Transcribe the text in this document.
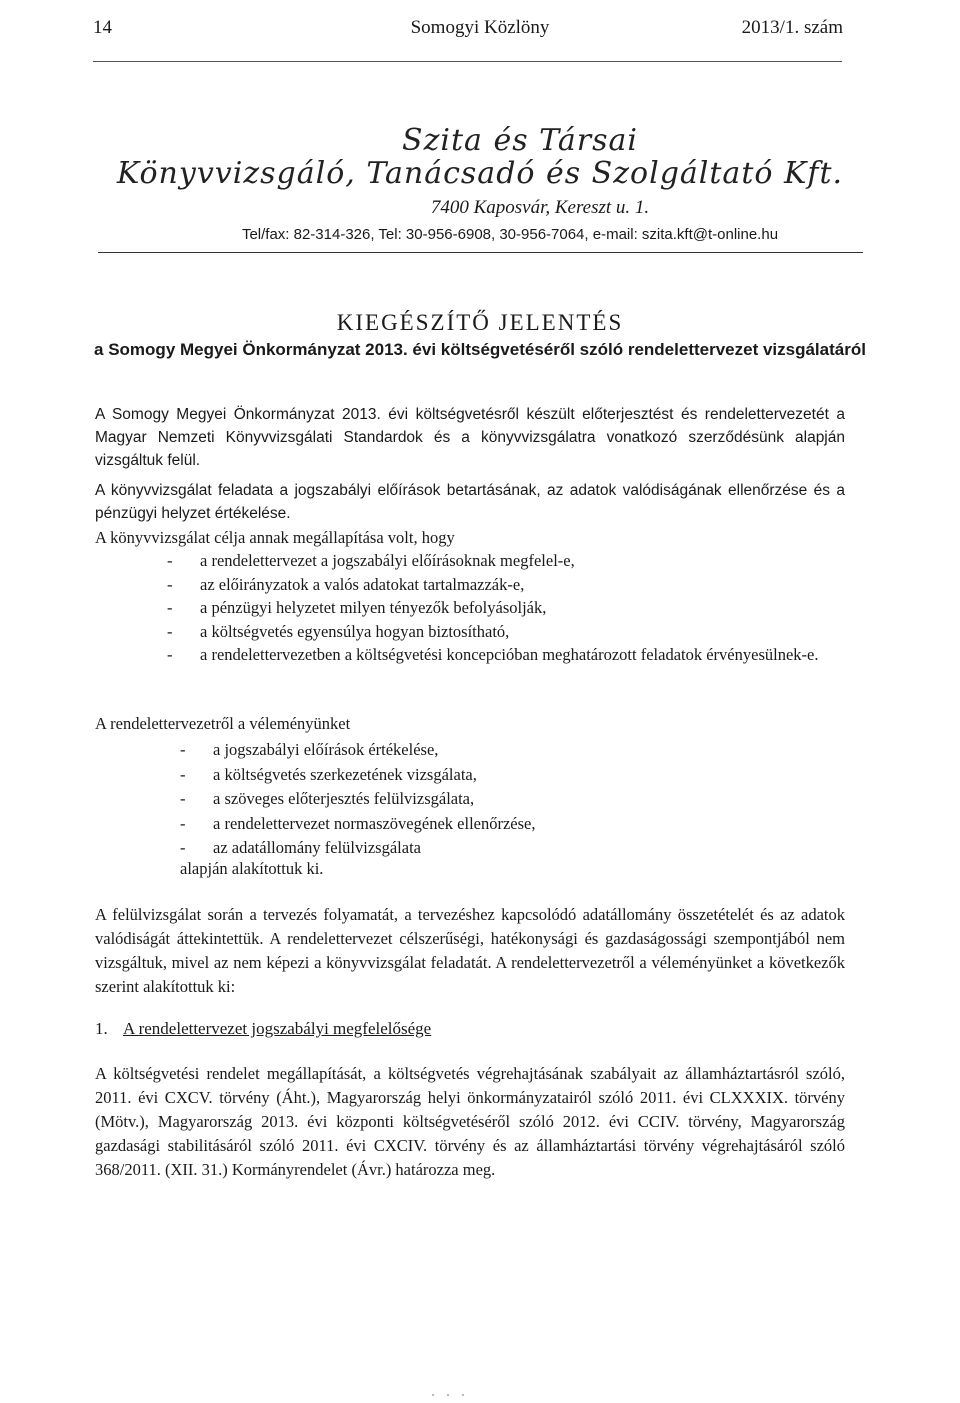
14	Somogyi Közlöny	2013/1. szám
Szita és Társai
Könyvvizsgáló, Tanácsadó és Szolgáltató Kft.
7400 Kaposvár, Kereszt u. 1.
Tel/fax: 82-314-326, Tel: 30-956-6908, 30-956-7064, e-mail: szita.kft@t-online.hu
KIEGÉSZÍTŐ JELENTÉS
a Somogy Megyei Önkormányzat 2013. évi költségvetéséről szóló rendelettervezet vizsgálatáról
A Somogy Megyei Önkormányzat 2013. évi költségvetésről készült előterjesztést és rendelettervezetét a Magyar Nemzeti Könyvvizsgálati Standardok és a könyvvizsgálatra vonatkozó szerződésünk alapján vizsgáltuk felül.
A könyvvizsgálat feladata a jogszabályi előírások betartásának, az adatok valódiságának ellenőrzése és a pénzügyi helyzet értékelése.
A könyvvizsgálat célja annak megállapítása volt, hogy
- a rendelettervezet a jogszabályi előírásoknak megfelel-e,
- az előirányzatok a valós adatokat tartalmazzák-e,
- a pénzügyi helyzetet milyen tényezők befolyásolják,
- a költségvetés egyensúlya hogyan biztosítható,
- a rendelettervezetben a költségvetési koncepcióban meghatározott feladatok érvényesülnek-e.
A rendelettervezetről a véleményünket
- a jogszabályi előírások értékelése,
- a költségvetés szerkezetének vizsgálata,
- a szöveges előterjesztés felülvizsgálata,
- a rendelettervezet normaszövegének ellenőrzése,
- az adatállomány felülvizsgálata
alapján alakítottuk ki.
A felülvizsgálat során a tervezés folyamatát, a tervezéshez kapcsolódó adatállomány összetételét és az adatok valódiságát áttekintettük. A rendelettervezet célszerűségi, hatékonysági és gazdaságossági szempontjából nem vizsgáltuk, mivel az nem képezi a könyvvizsgálat feladatát. A rendelettervezetről a véleményünket a következők szerint alakítottuk ki:
1. A rendelettervezet jogszabályi megfelelősége
A költségvetési rendelet megállapítását, a költségvetés végrehajtásának szabályait az államháztartásról szóló, 2011. évi CXCV. törvény (Áht.), Magyarország helyi önkormányzatairól szóló 2011. évi CLXXXIX. törvény (Mötv.), Magyarország 2013. évi központi költségvetéséről szóló 2012. évi CCIV. törvény, Magyarország gazdasági stabilitásáról szóló 2011. évi CXCIV. törvény és az államháztartási törvény végrehajtásáról szóló 368/2011. (XII. 31.) Kormányrendelet (Ávr.) határozza meg.
